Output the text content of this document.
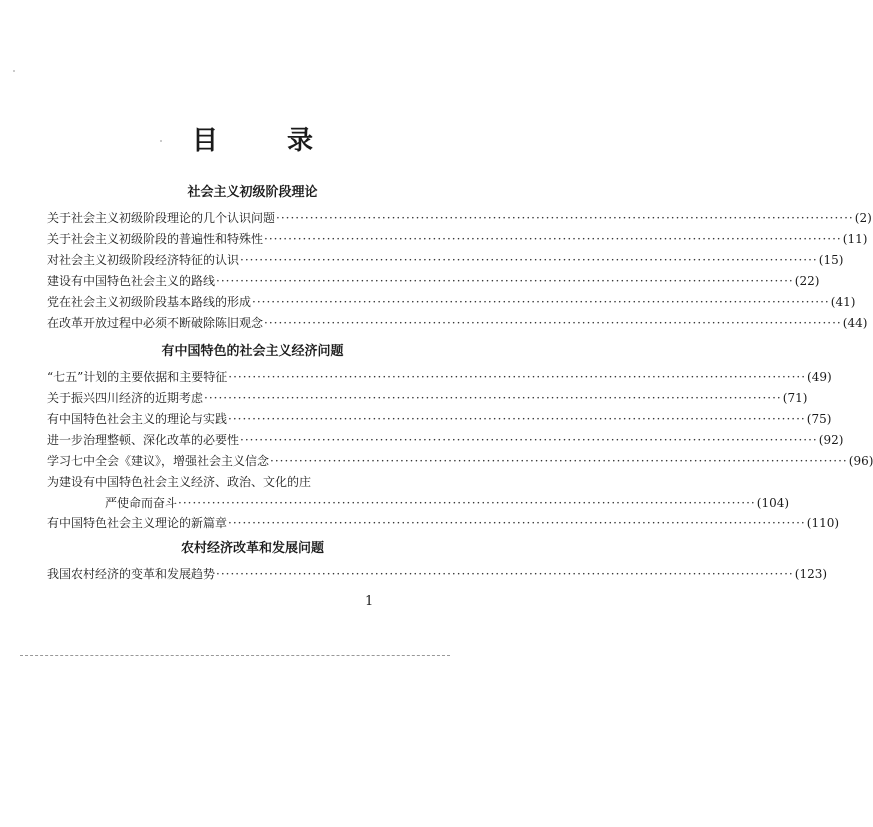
目 录
社会主义初级阶段理论
关于社会主义初级阶段理论的几个认识问题 ························································································································ ( 2 )
关于社会主义初级阶段的普遍性和特殊性 ························································································································ ( 11 )
对社会主义初级阶段经济特征的认识 ························································································································ ( 15 )
建设有中国特色社会主义的路线 ························································································································ ( 22 )
党在社会主义初级阶段基本路线的形成 ························································································································ ( 41 )
在改革开放过程中必须不断破除陈旧观念 ························································································································ ( 44 )
有中国特色的社会主义经济问题
“七五”计划的主要依据和主要特征 ························································································································ ( 49 )
关于振兴四川经济的近期考虑 ························································································································ ( 71 )
有中国特色社会主义的理论与实践 ························································································································ ( 75 )
进一步治理整顿、深化改革的必要性 ························································································································ ( 92 )
学习七中全会《建议》，增强社会主义信念 ························································································································ ( 96 )
为建设有中国特色社会主义经济、政治、文化的庄
严使命而奋斗 ························································································································ ( 104 )
有中国特色社会主义理论的新篇章 ························································································································ ( 110 )
农村经济改革和发展问题
我国农村经济的变革和发展趋势 ························································································································ ( 123 )
1
